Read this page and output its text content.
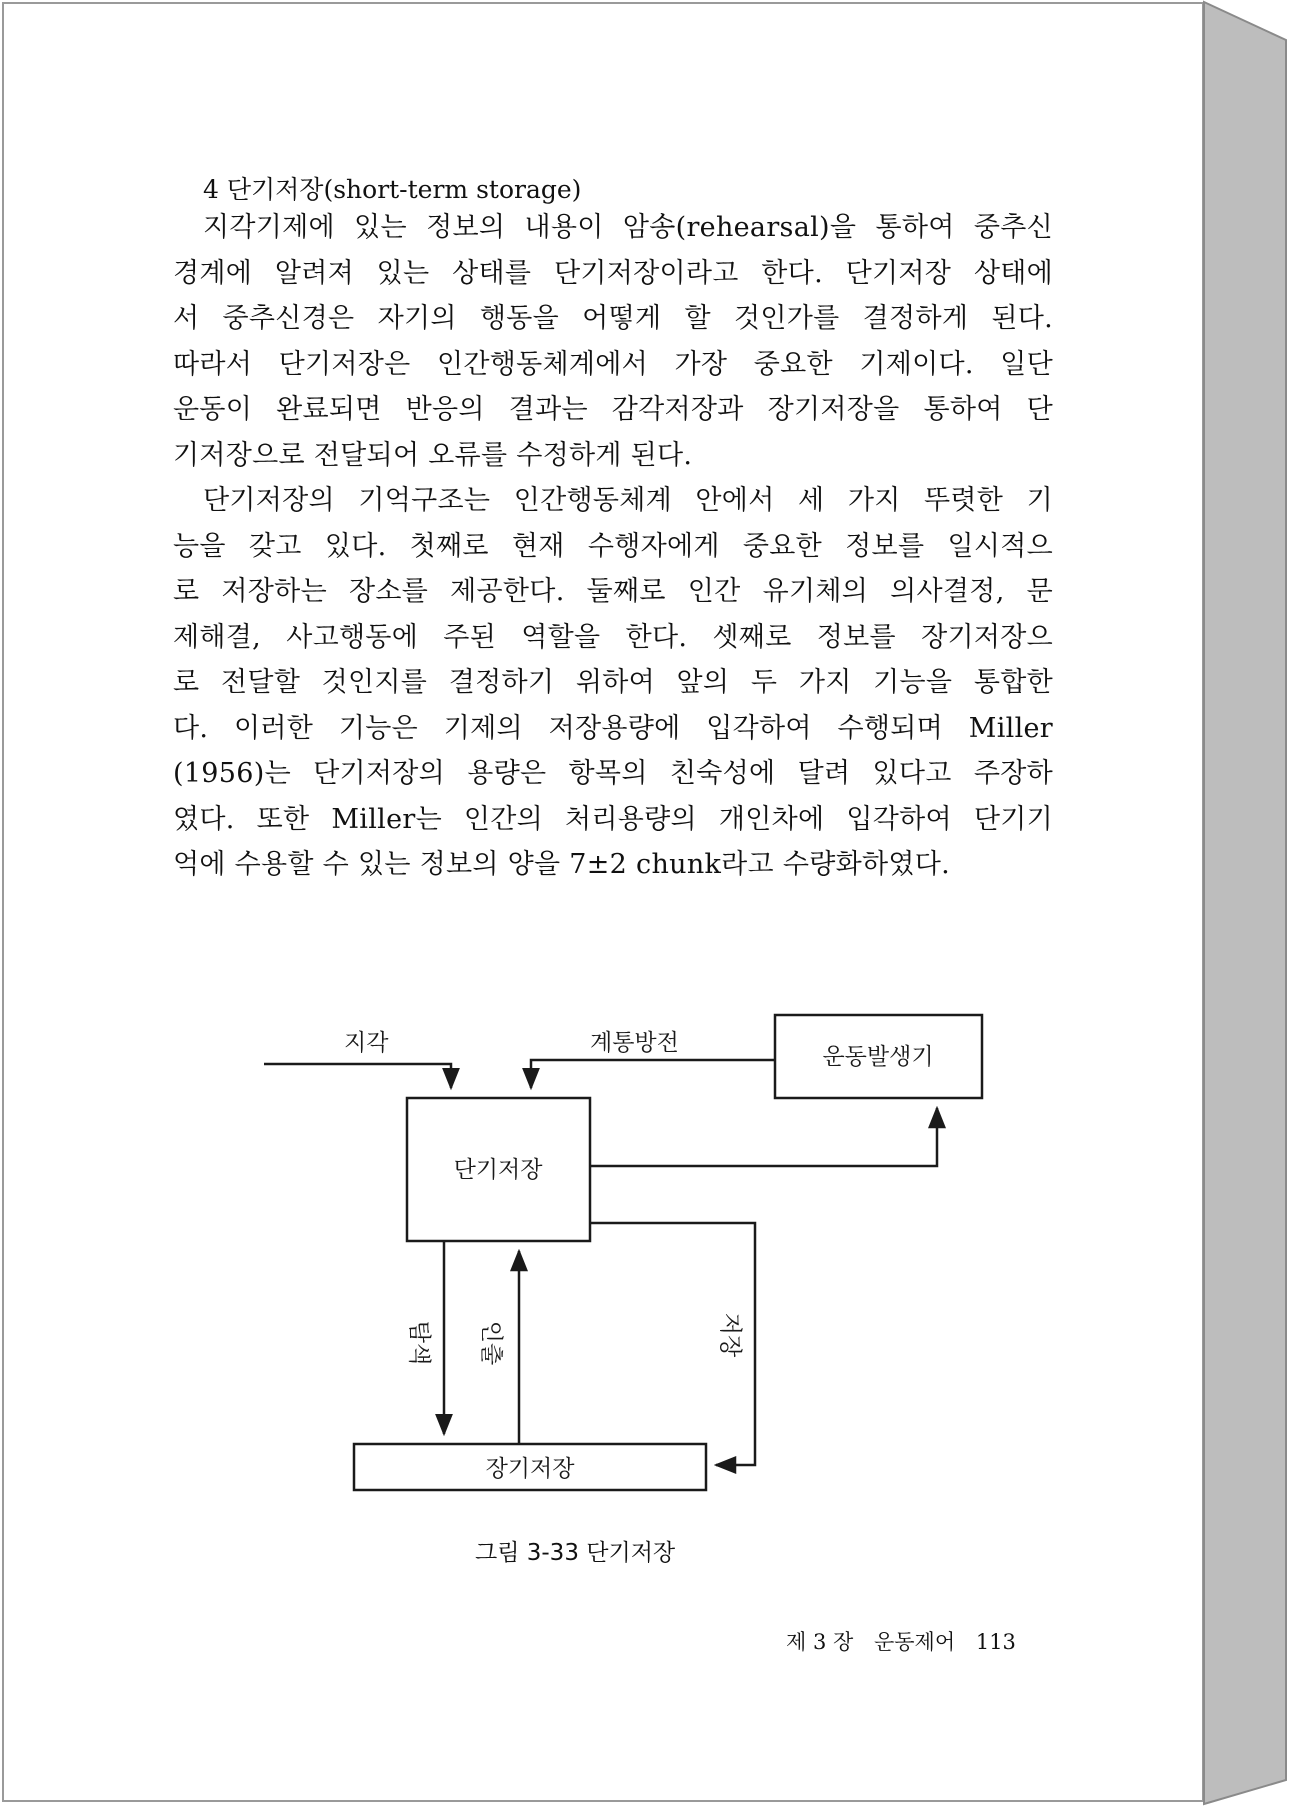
4 단기저장(short-term storage)
지각기제에 있는 정보의 내용이 암송(rehearsal)을 통하여 중추신
경계에 알려져 있는 상태를 단기저장이라고 한다. 단기저장 상태에
서 중추신경은 자기의 행동을 어떻게 할 것인가를 결정하게 된다.
따라서 단기저장은 인간행동체계에서 가장 중요한 기제이다. 일단
운동이 완료되면 반응의 결과는 감각저장과 장기저장을 통하여 단
기저장으로 전달되어 오류를 수정하게 된다.
단기저장의 기억구조는 인간행동체계 안에서 세 가지 뚜렷한 기
능을 갖고 있다. 첫째로 현재 수행자에게 중요한 정보를 일시적으
로 저장하는 장소를 제공한다. 둘째로 인간 유기체의 의사결정, 문
제해결, 사고행동에 주된 역할을 한다. 셋째로 정보를 장기저장으
로 전달할 것인지를 결정하기 위하여 앞의 두 가지 기능을 통합한
다. 이러한 기능은 기제의 저장용량에 입각하여 수행되며 Miller
(1956)는 단기저장의 용량은 항목의 친숙성에 달려 있다고 주장하
였다. 또한 Miller는 인간의 처리용량의 개인차에 입각하여 단기기
억에 수용할 수 있는 정보의 양을 7±2 chunk라고 수량화하였다.
지각	계통방전
운동발생기
단기저장
탐색 인출	저장
장기저장
그림 3-33 단기저장
제 3 장 운동제어 113
